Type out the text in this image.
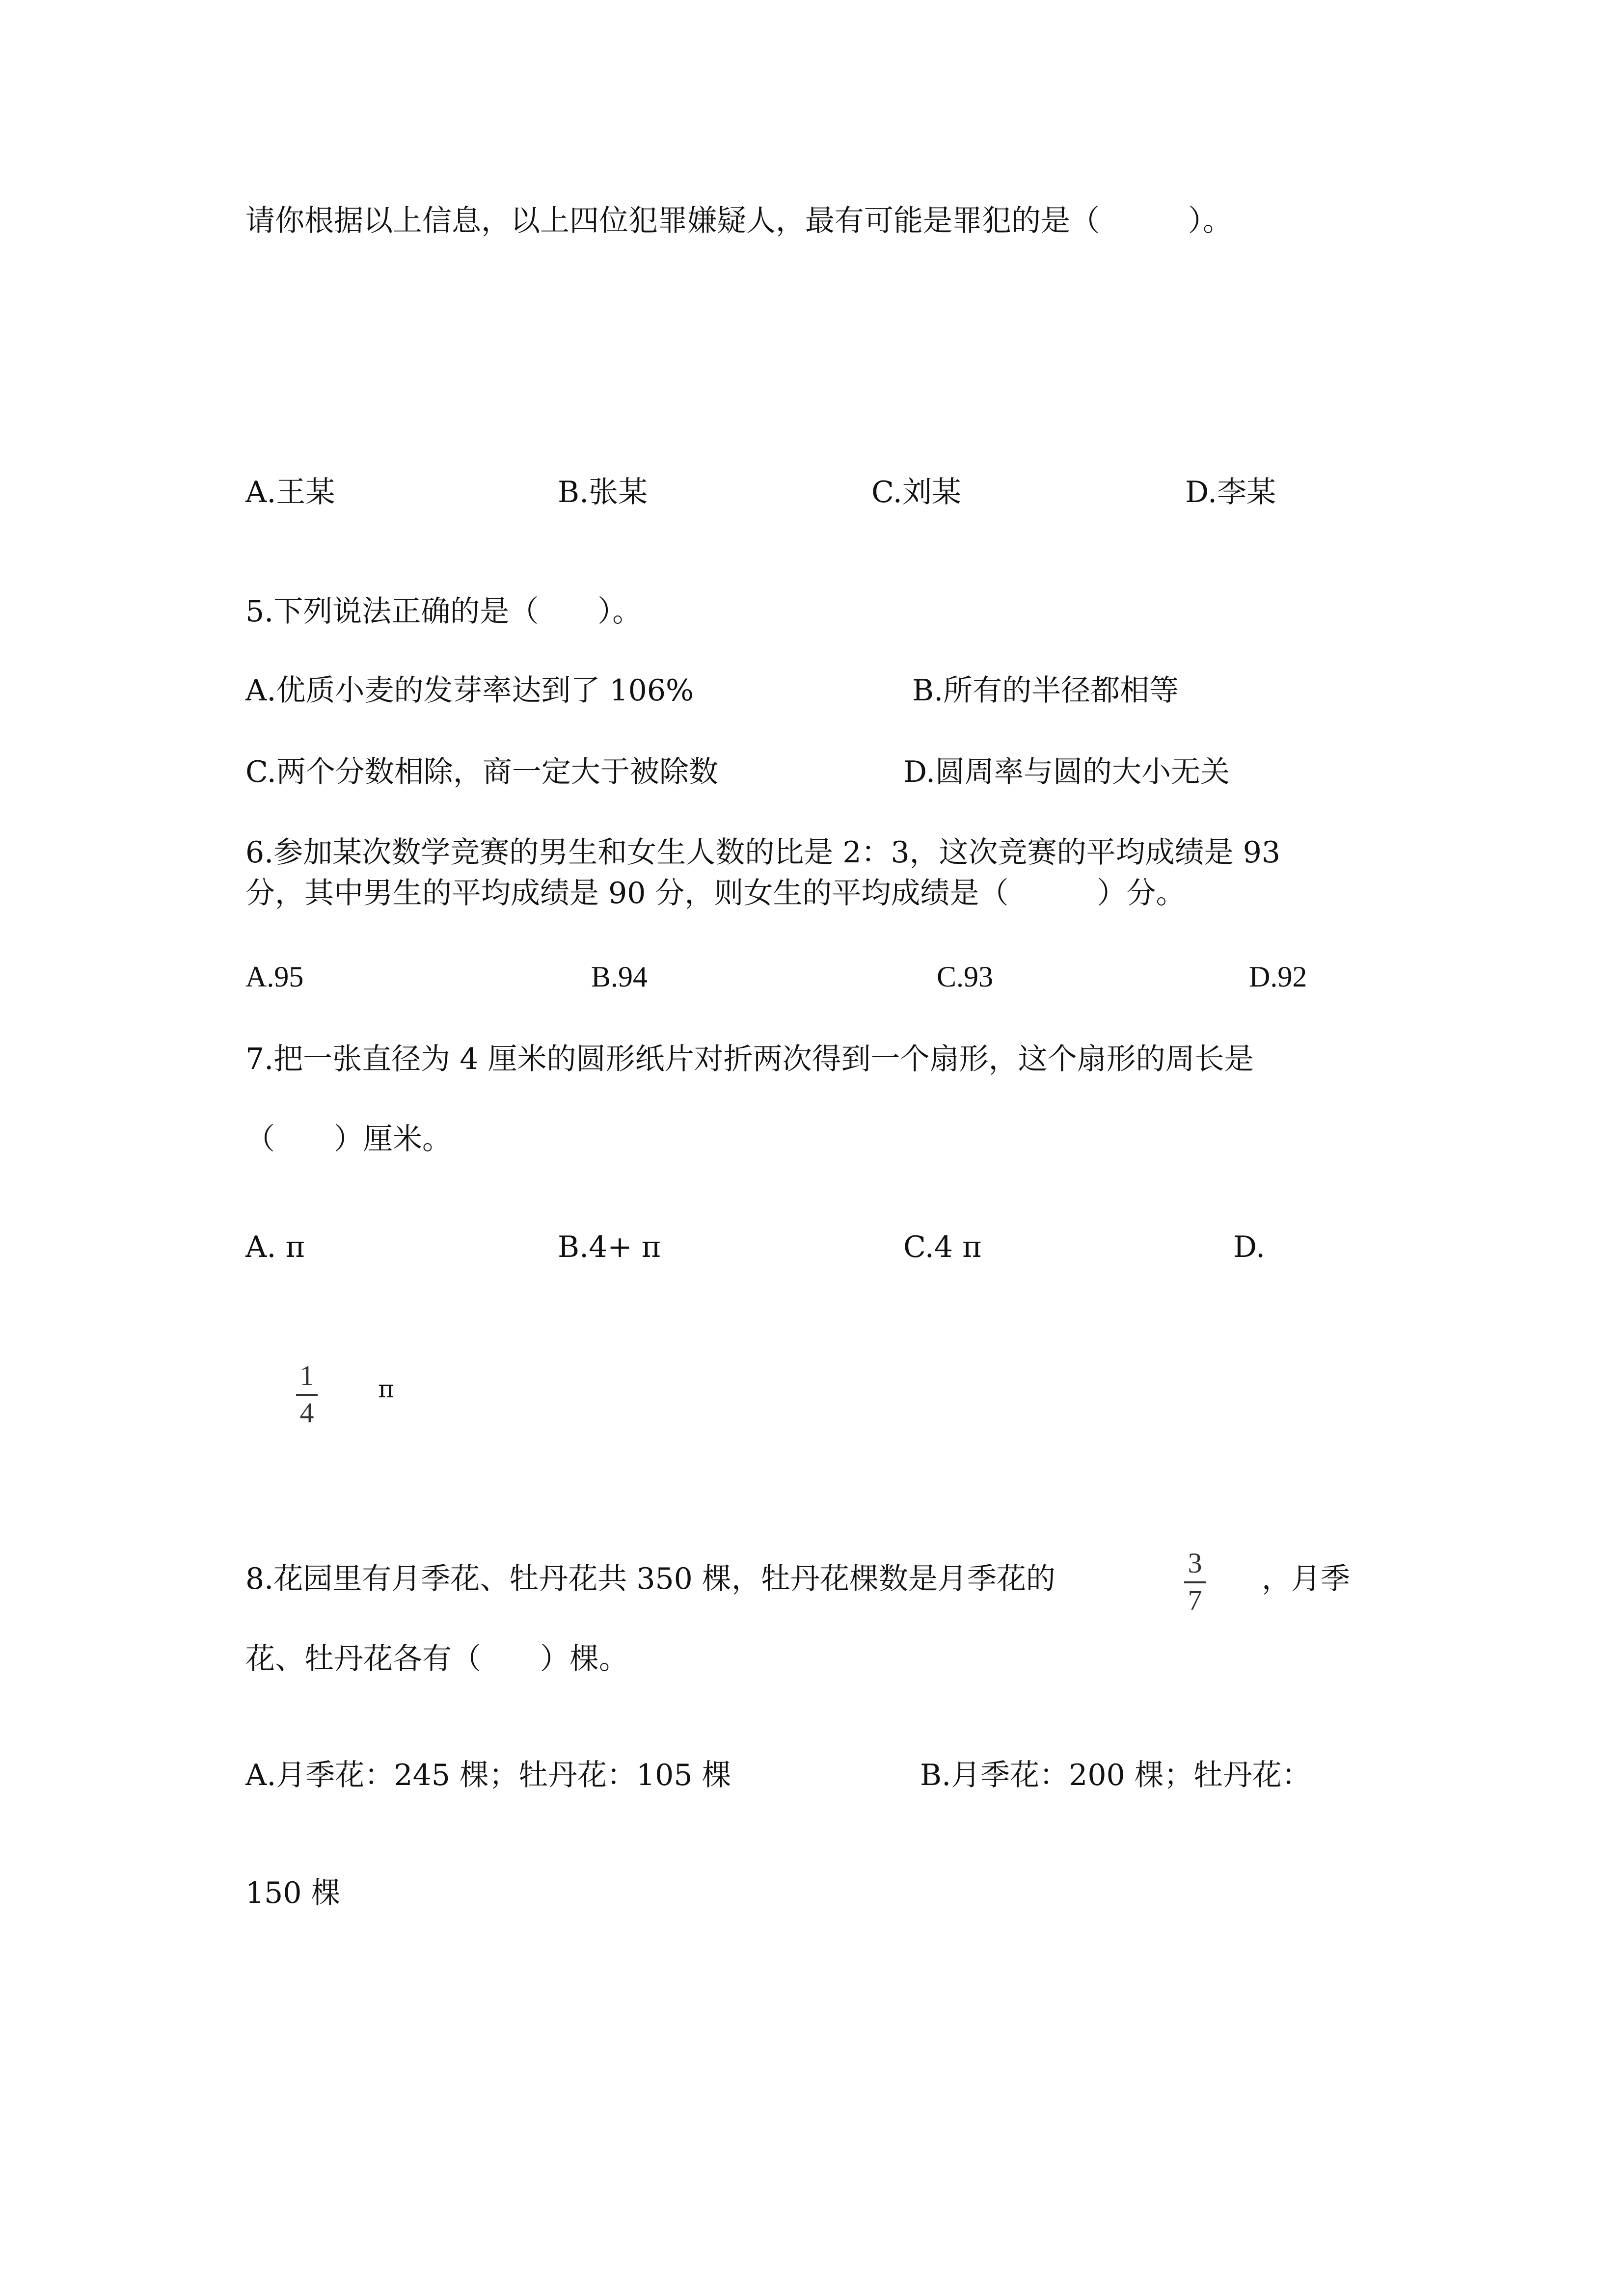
请你根据以上信息，以上四位犯罪嫌疑人，最有可能是罪犯的是（　　　）。
A.王某	B.张某	C.刘某	D.李某
5.下列说法正确的是（　　）。
A.优质小麦的发芽率达到了 106%	B.所有的半径都相等
C.两个分数相除，商一定大于被除数	D.圆周率与圆的大小无关
6.参加某次数学竞赛的男生和女生人数的比是 2：3，这次竞赛的平均成绩是 93
分，其中男生的平均成绩是 90 分，则女生的平均成绩是（　　　）分。
A.95	B.94	C.93	D.92
7.把一张直径为 4 厘米的圆形纸片对折两次得到一个扇形，这个扇形的周长是
（　　）厘米。
A. π	B.4+ π	C.4 π	D.
1
4
π
8.花园里有月季花、牡丹花共 350 棵，牡丹花棵数是月季花的	3
7
，月季
花、牡丹花各有（　　）棵。
A.月季花：245 棵；牡丹花：105 棵	B.月季花：200 棵；牡丹花：
150 棵
